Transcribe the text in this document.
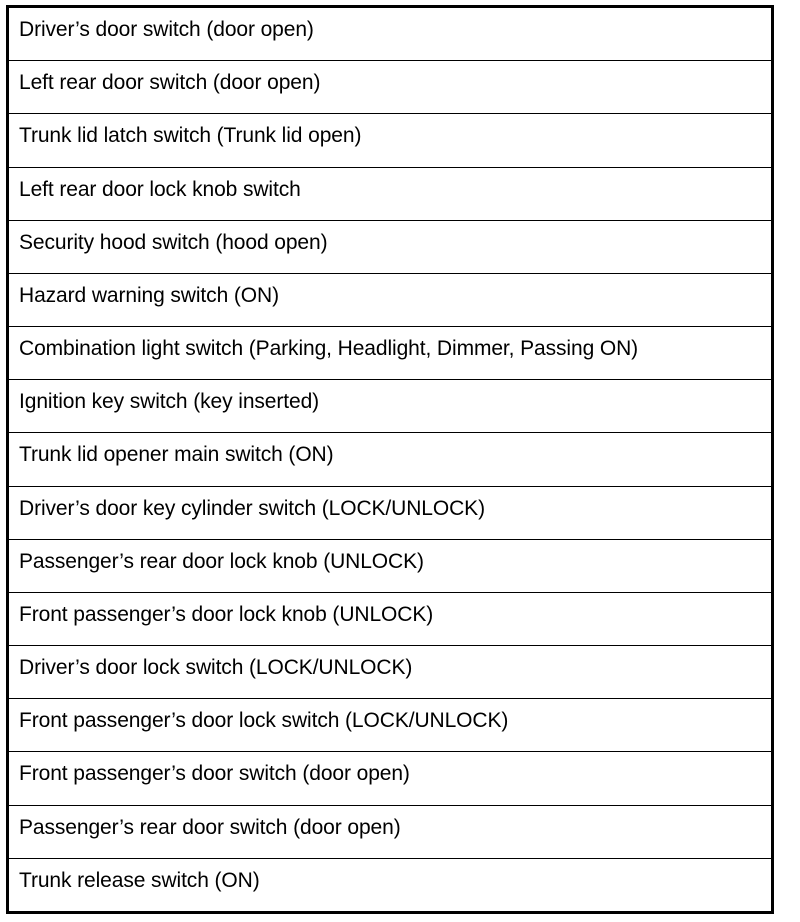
Driver’s door switch (door open)
Left rear door switch (door open)
Trunk lid latch switch (Trunk lid open)
Left rear door lock knob switch
Security hood switch (hood open)
Hazard warning switch (ON)
Combination light switch (Parking, Headlight, Dimmer, Passing ON)
Ignition key switch (key inserted)
Trunk lid opener main switch (ON)
Driver’s door key cylinder switch (LOCK/UNLOCK)
Passenger’s rear door lock knob (UNLOCK)
Front passenger’s door lock knob (UNLOCK)
Driver’s door lock switch (LOCK/UNLOCK)
Front passenger’s door lock switch (LOCK/UNLOCK)
Front passenger’s door switch (door open)
Passenger’s rear door switch (door open)
Trunk release switch (ON)
